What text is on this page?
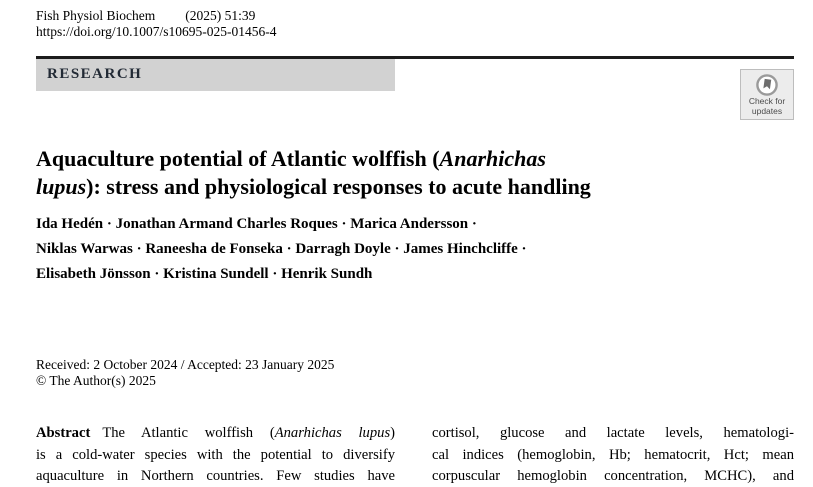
Fish Physiol Biochem (2025) 51:39
https://doi.org/10.1007/s10695-025-01456-4
RESEARCH
Check for
updates
Aquaculture potential of Atlantic wolffish (Anarhichas
lupus): stress and physiological responses to acute handling
Ida Hedén · Jonathan Armand Charles Roques · Marica Andersson ·
Niklas Warwas · Raneesha de Fonseka · Darragh Doyle · James Hinchcliffe ·
Elisabeth Jönsson · Kristina Sundell · Henrik Sundh
Received: 2 October 2024 / Accepted: 23 January 2025
© The Author(s) 2025
Abstract The Atlantic wolffish (Anarhichas lupus)
is a cold-water species with the potential to diversify
aquaculture in Northern countries. Few studies have
cortisol, glucose and lactate levels, hematologi-
cal indices (hemoglobin, Hb; hematocrit, Hct; mean
corpuscular hemoglobin concentration, MCHC), and
